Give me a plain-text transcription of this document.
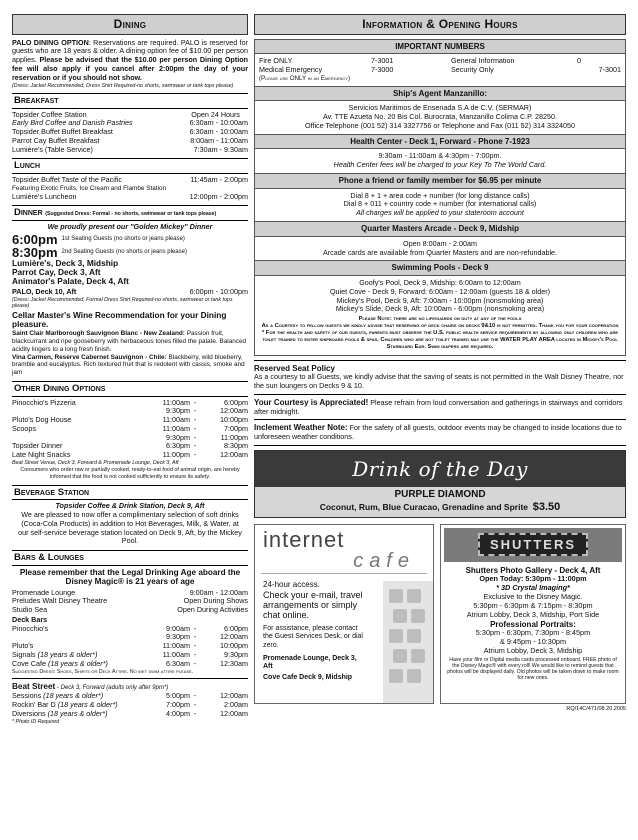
Dining
PALO DINING OPTION: Reservations are required. PALO is reserved for guests who are 18 years & older. A dining option fee of $10.00 per person applies. Please be advised that the $10.00 per person Dining Option fee will also apply if you cancel after 2:00pm the day of your reservation or if you should not show.
(Dress: Jacket Recommended, Dress Shirt Required-no shorts, swimwear or tank tops please)
Breakfast
Topsider Coffee Station	Open 24 Hours
Early Bird Coffee and Danish Pastries	6:30am - 10:00am
Topsider Buffet Buffet Breakfast	6:30am - 10:00am
Parrot Cay Buffet Breakfast	8:00am - 11:00am
Lumière's (Table Service)	7:30am - 9:30am
Lunch
Topsider Buffet Taste of the Pacific	11:45am - 2:00pm
Featuring Exotic Fruits, Ice Cream and Flambe Station
Lumière's Luncheon	12:00pm - 2:00pm
Dinner (Suggested Dress: Formal - no shorts, swimwear or tank tops please)
We proudly present our "Golden Mickey" Dinner
6:00pm 1st Seating Guests (no shorts or jeans please)
8:30pm 2nd Seating Guests (no shorts or jeans please)
Lumière's, Deck 3, Midship
Parrot Cay, Deck 3, Aft
Animator's Palate, Deck 4, Aft
PALO, Deck 10, Aft	6:00pm - 10:00pm
(Dress: Jacket Recommended, Formal Dress Shirt Required-no shorts, swimwear or tank tops please)
Cellar Master's Wine Recommendation for your Dining pleasure.
Saint Clair Marlborough Sauvignon Blanc - New Zealand: Passion fruit, blackcurrant and ripe gooseberry with herbaceous tones filled the palate. Balanced acidity lingers to a long fresh finish.
Vina Carmen, Reserve Cabernet Sauvignon - Chile: Blackberry, wild blueberry, bramble and eucalyptus. Rich textured fruit that is redolent with cassis, smoke and jam
Other Dining Options
Pinocchio's Pizzeria	11:00am -	6:00pm
9:30pm -	12:00am
Pluto's Dog House	11:00am -	10:00pm
Scoops	11:00am -	7:00pm
9:30pm -	11:00pm
Topsider Dinner	6:30pm -	8:30pm
Late Night Snacks	11:00pm -	12:00am
Beat Street Venue, Deck 3, Forward & Promenade Lounge, Deck 3, Aft
Consumers who order raw or partially cooked, ready-to-eat food of animal origin, are hereby informed that the food is not cooked sufficiently to ensure its safety.
Beverage Station
Topsider Coffee & Drink Station, Deck 9, Aft
We are pleased to now offer a complimentary selection of soft drinks (Coca-Cola Products) in addition to Hot Beverages, Milk, & Water, at our self-service beverage station located on Deck 9, Aft, by the Mickey Pool.
Bars & Lounges
Please remember that the Legal Drinking Age aboard the Disney Magic® is 21 years of age
Promenade Lounge	9:00am - 12:00am
Preludes Walt Disney Theatre	Open During Shows
Studio Sea	Open During Activities
Deck Bars
Pinocchio's	9:00am -	6:00pm
9:30pm -	12:00am
Pluto's	11:00am -	10:00pm
Signals (18 years & older*)	11:00am -	9:30pm
Cove Cafe (18 years & older*)	6:30am -	12:30am
Suggested Dress: Shoes, Shirts or Deck Attire. No wet swim attire please.
Beat Street - Deck 3, Forward (adults only after 9pm*)
Sessions (18 years & older*)	5:00pm -	12:00am
Rockin' Bar D (18 years & older*)	7:00pm -	2:00am
Diversions (18 years & older*)	4:00pm -	12:00am
* Photo ID Required
Information & Opening Hours
IMPORTANT NUMBERS
Fire ONLY	7-3001	General Information	0
Medical Emergency	7-3000	Security Only	7-3001
(Please use ONLY in an Emergency)
Ship's Agent Manzanillo:
Servicios Maritimos de Ensenada S.A de C.V. (SERMAR)
Av. TTE Azueta No. 20 Bis Col. Burocrata, Manzanillo Colima C.P. 28250.
Office Telephone (001 52) 314 3327756 or Telephone and Fax (011 52) 314 3324050
Health Center - Deck 1, Forward - Phone 7-1923
9:30am - 11:00am & 4:30pm - 7:00pm.
Health Center fees will be charged to your Key To The World Card.
Phone a friend or family member for $6.95 per minute
Dial 8 + 1 + area code + number (for long distance calls)
Dial 8 + 011 + country code + number (for international calls)
All charges will be applied to your stateroom account
Quarter Masters Arcade - Deck 9, Midship
Open 8:00am - 2:00am
Arcade cards are available from Quarter Masters and are non-refundable.
Swimming Pools - Deck 9
Goofy's Pool, Deck 9, Midship: 6:00am to 12:00am
Quiet Cove - Deck 9, Forward: 6:00am - 12:00am (guests 18 & older)
Mickey's Pool, Deck 9, Aft: 7:00am - 10:00pm (nonsmoking area)
Mickey's Slide, Deck 9, Aft: 10:00am - 6:00pm (nonsmoking area)
Please Note: there are no lifeguards on duty at any of the pools
As a Courtesy to fellow guests we kindly advise that reserving of deck chairs on decks 9&10 is not permitted. Thank you for your cooperation
* For the health and safety of our guests, parents must observe the U.S. public health service requirements by allowing only children who are toilet trained to enter shipboard pools & spas. Children who are not toilet trained may use the WATER PLAY AREA located in Mickey's Pool Starboard Ear. Swim diapers are required.
Reserved Seat Policy
As a courtesy to all Guests, we kindly advise that the saving of seats is not permitted in the Walt Disney Theatre, nor the sun loungers on Decks 9 & 10.
Your Courtesy is Appreciated! Please refrain from loud conversation and gatherings in stairways and corridors after midnight.
Inclement Weather Note: For the safety of all guests, outdoor events may be changed to inside locations due to unforeseen weather conditions.
Drink of the Day
PURPLE DIAMOND
Coconut, Rum, Blue Curacao, Grenadine and Sprite $3.50
internet
cafe
24-hour access.
Check your e-mail, travel arrangements or simply chat online.
For assistance, please contact the Guest Services Desk, or dial zero.
Promenade Lounge, Deck 3, Aft
Cove Cafe Deck 9, Midship
SHUTTERS
Shutters Photo Gallery - Deck 4, Aft
Open Today: 5:30pm - 11:00pm
* 3D Crystal Imaging*
Exclusive to the Disney Magic.
5:30pm - 6:30pm & 7:15pm - 8:30pm
Atrium Lobby, Deck 3, Midship, Port Side
Professional Portraits:
5:30pm - 6:30pm, 7:30pm - 8:45pm
& 9:45pm - 10:30pm
Atrium Lobby, Deck 3, Midship
Have your film or Digital media cards processed onboard. FREE photo of the Disney Magic® with every roll! We would like to remind guests that photos will be displayed daily. Old photos will be taken down to make room for new ones.
RQ/14C/471/08.20.2005
